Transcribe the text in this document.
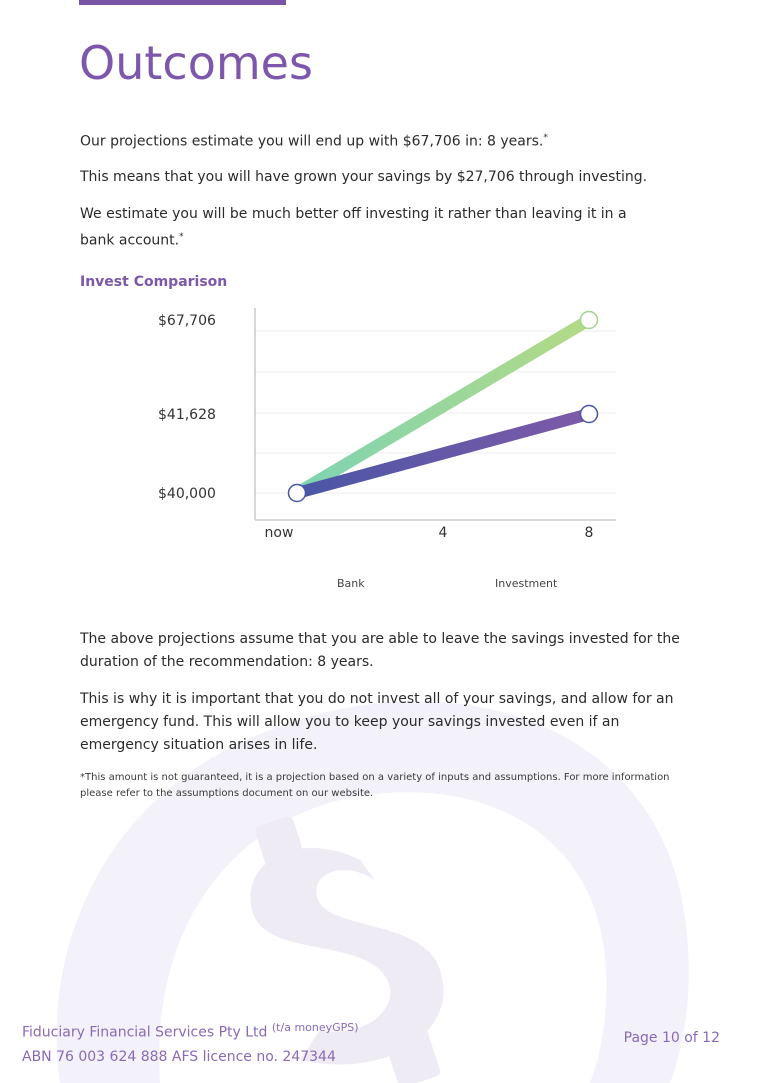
Outcomes

Our projections estimate you will end up with $67,706 in: 8 years.*

This means that you will have grown your savings by $27,706 through investing.

We estimate you will be much better off investing it rather than leaving it in a bank account.*

Invest Comparison
$40,000
$41,628
$67,706
now	4	8
Bank	Investment

The above projections assume that you are able to leave the savings invested for the duration of the recommendation: 8 years.

This is why it is important that you do not invest all of your savings, and allow for an emergency fund. This will allow you to keep your savings invested even if an emergency situation arises in life.

*This amount is not guaranteed, it is a projection based on a variety of inputs and assumptions. For more information please refer to the assumptions document on our website.

Fiduciary Financial Services Pty Ltd $^{(t/a moneyGPS)}$
ABN 76 003 624 888 AFS licence no. 247344
Page 10 of 12
